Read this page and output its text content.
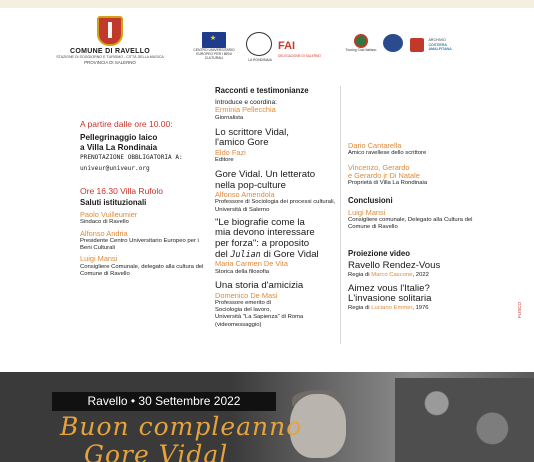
COMUNE DI RAVELLO
STAZIONE DI SOGGIORNO E TURISMO - CITTÀ DELLA MUSICA
PROVINCIA DI SALERNO
★
CENTRO UNIVERSITARIO EUROPEO PER I BENI CULTURALI	LA RONDINAIA
FAI
DELEGAZIONE DI SALERNO
Touring Club Italiano
ARCHIVIO
COSTIERA
AMALFITANA
A partire dalle ore 10.00:
Pellegrinaggio laico
a Villa La Rondinaia
PRENOTAZIONE OBBLIGATORIA A:
univeur@univeur.org
Ore 16.30 Villa Rufolo
Saluti istituzionali
Paolo Vuilleumier
Sindaco di Ravello
Alfonso Andria
Presidente Centro Universitario Europeo per i Beni Culturali
Luigi Mansi
Consigliere Comunale, delegato alla cultura del Comune di Ravello
Racconti e testimonianze
Introduce e coordina:
Erminia Pellecchia
Giornalista
Lo scrittore Vidal,
l'amico Gore
Eldo Fazi
Editore
Gore Vidal. Un letterato
nella pop-culture
Alfonso Amendola
Professore di Sociologia dei processi culturali, Università di Salerno
"Le biografie come la
mia devono interessare
per forza": a proposito
del Julian di Gore Vidal
Maria Carmen De Vita
Storica della filosofia
Una storia d'amicizia
Domenico De Masi
Professore emerito di
Sociologia del lavoro,
Università "La Sapienza" di Roma
(videomessaggio)
Dario Cantarella
Amico ravellese dello scrittore
Vincenzo, Gerardo
e Gerardo jr Di Natale
Proprietà di Villa La Rondinaia
Conclusioni
Luigi Mansi
Consigliere comunale, Delegato alla Cultura del Comune di Ravello
Proiezione video
Ravello Rendez-Vous
Regia di Marco Cascone, 2022
Aimez vous l'Italie?
L'invasione solitaria
Regia di Luciano Emmer, 1976	FUSCO
Ravello • 30 Settembre 2022
Buon compleanno
Gore Vidal
